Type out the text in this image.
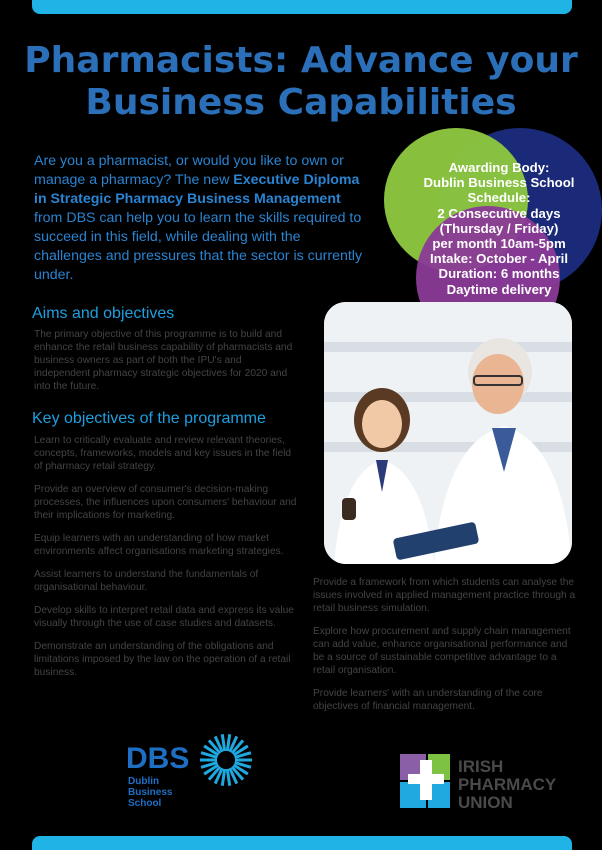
Pharmacists: Advance your
Business Capabilities

Are you a pharmacist, or would you like to own or manage a pharmacy? The new Executive Diploma in Strategic Pharmacy Business Management from DBS can help you to learn the skills required to succeed in this field, while dealing with the challenges and pressures that the sector is currently under.

Awarding Body:

Dublin Business School

Schedule:

2 Consecutive days

(Thursday / Friday)

per month 10am-5pm

Intake: October - April

Duration: 6 months

Daytime delivery

Aims and objectives

The primary objective of this programme is to build and enhance the retail business capability of pharmacists and business owners as part of both the IPU's and independent pharmacy strategic objectives for 2020 and into the future.

Key objectives of the programme
Learn to critically evaluate and review relevant theories, concepts, frameworks, models and key issues in the field of pharmacy retail strategy.
Provide an overview of consumer's decision-making processes, the influences upon consumers' behaviour and their implications for marketing.
Equip learners with an understanding of how market environments affect organisations marketing strategies.
Assist learners to understand the fundamentals of organisational behaviour.
Develop skills to interpret retail data and express its value visually through the use of case studies and datasets.
Demonstrate an understanding of the obligations and limitations imposed by the law on the operation of a retail business.
Provide a framework from which students can analyse the issues involved in applied management practice through a retail business simulation.
Explore how procurement and supply chain management can add value, enhance organisational performance and be a source of sustainable competitive advantage to a retail organisation.
Provide learners' with an understanding of the core objectives of financial management.
DBS
Dublin
Business
School
IRISH
PHARMACY
UNION
